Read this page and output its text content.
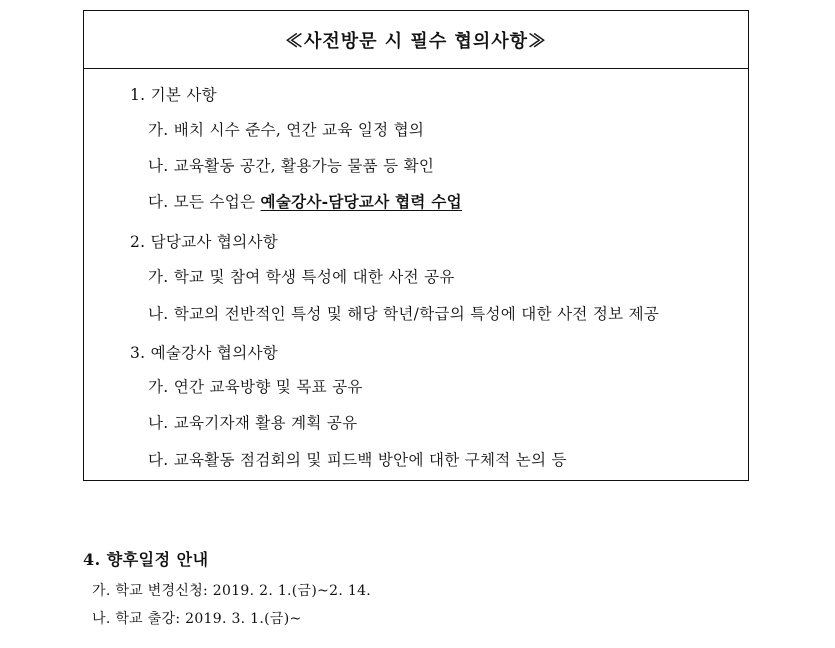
≪사전방문 시 필수 협의사항≫
1. 기본 사항
가. 배치 시수 준수, 연간 교육 일정 협의
나. 교육활동 공간, 활용가능 물품 등 확인
다. 모든 수업은 예술강사-담당교사 협력 수업
2. 담당교사 협의사항
가. 학교 및 참여 학생 특성에 대한 사전 공유
나. 학교의 전반적인 특성 및 해당 학년/학급의 특성에 대한 사전 정보 제공
3. 예술강사 협의사항
가. 연간 교육방향 및 목표 공유
나. 교육기자재 활용 계획 공유
다. 교육활동 점검회의 및 피드백 방안에 대한 구체적 논의 등
4. 향후일정 안내
가. 학교 변경신청: 2019. 2. 1.(금)~2. 14.
나. 학교 출강: 2019. 3. 1.(금)~
